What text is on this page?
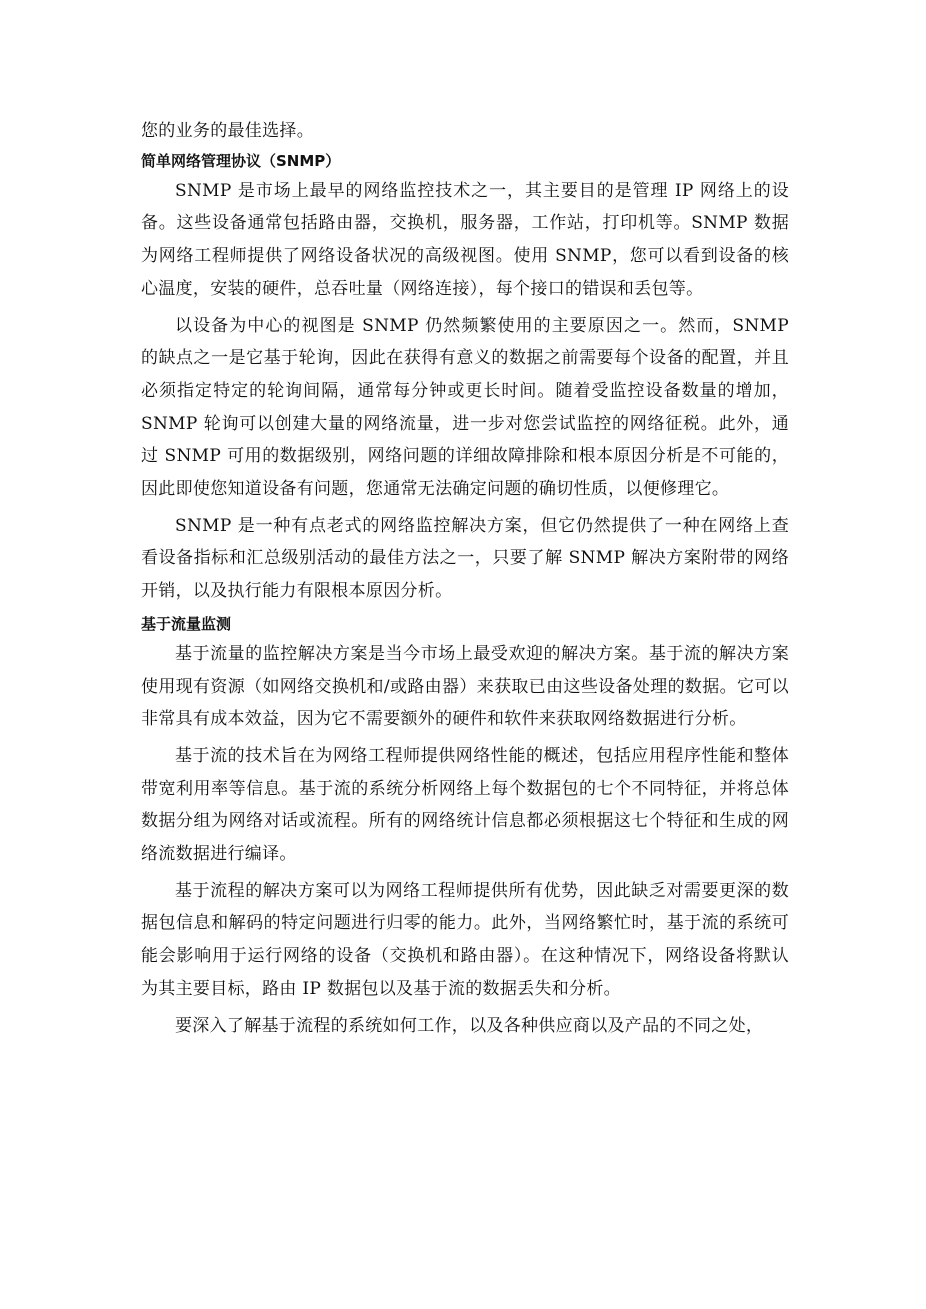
您的业务的最佳选择。
简单网络管理协议（SNMP）

SNMP 是市场上最早的网络监控技术之一，其主要目的是管理 IP 网络上的设备。这些设备通常包括路由器，交换机，服务器，工作站，打印机等。SNMP 数据为网络工程师提供了网络设备状况的高级视图。使用 SNMP，您可以看到设备的核心温度，安装的硬件，总吞吐量（网络连接），每个接口的错误和丢包等。

以设备为中心的视图是 SNMP 仍然频繁使用的主要原因之一。然而，SNMP 的缺点之一是它基于轮询，因此在获得有意义的数据之前需要每个设备的配置，并且必须指定特定的轮询间隔，通常每分钟或更长时间。随着受监控设备数量的增加，SNMP 轮询可以创建大量的网络流量，进一步对您尝试监控的网络征税。此外，通过 SNMP 可用的数据级别，网络问题的详细故障排除和根本原因分析是不可能的，因此即使您知道设备有问题，您通常无法确定问题的确切性质，以便修理它。

SNMP 是一种有点老式的网络监控解决方案，但它仍然提供了一种在网络上查看设备指标和汇总级别活动的最佳方法之一，只要了解 SNMP 解决方案附带的网络开销，以及执行能力有限根本原因分析。

基于流量监测

基于流量的监控解决方案是当今市场上最受欢迎的解决方案。基于流的解决方案使用现有资源（如网络交换机和/或路由器）来获取已由这些设备处理的数据。它可以非常具有成本效益，因为它不需要额外的硬件和软件来获取网络数据进行分析。

基于流的技术旨在为网络工程师提供网络性能的概述，包括应用程序性能和整体带宽利用率等信息。基于流的系统分析网络上每个数据包的七个不同特征，并将总体数据分组为网络对话或流程。所有的网络统计信息都必须根据这七个特征和生成的网络流数据进行编译。

基于流程的解决方案可以为网络工程师提供所有优势，因此缺乏对需要更深的数据包信息和解码的特定问题进行归零的能力。此外，当网络繁忙时，基于流的系统可能会影响用于运行网络的设备（交换机和路由器）。在这种情况下，网络设备将默认为其主要目标，路由 IP 数据包以及基于流的数据丢失和分析。

要深入了解基于流程的系统如何工作，以及各种供应商以及产品的不同之处，
